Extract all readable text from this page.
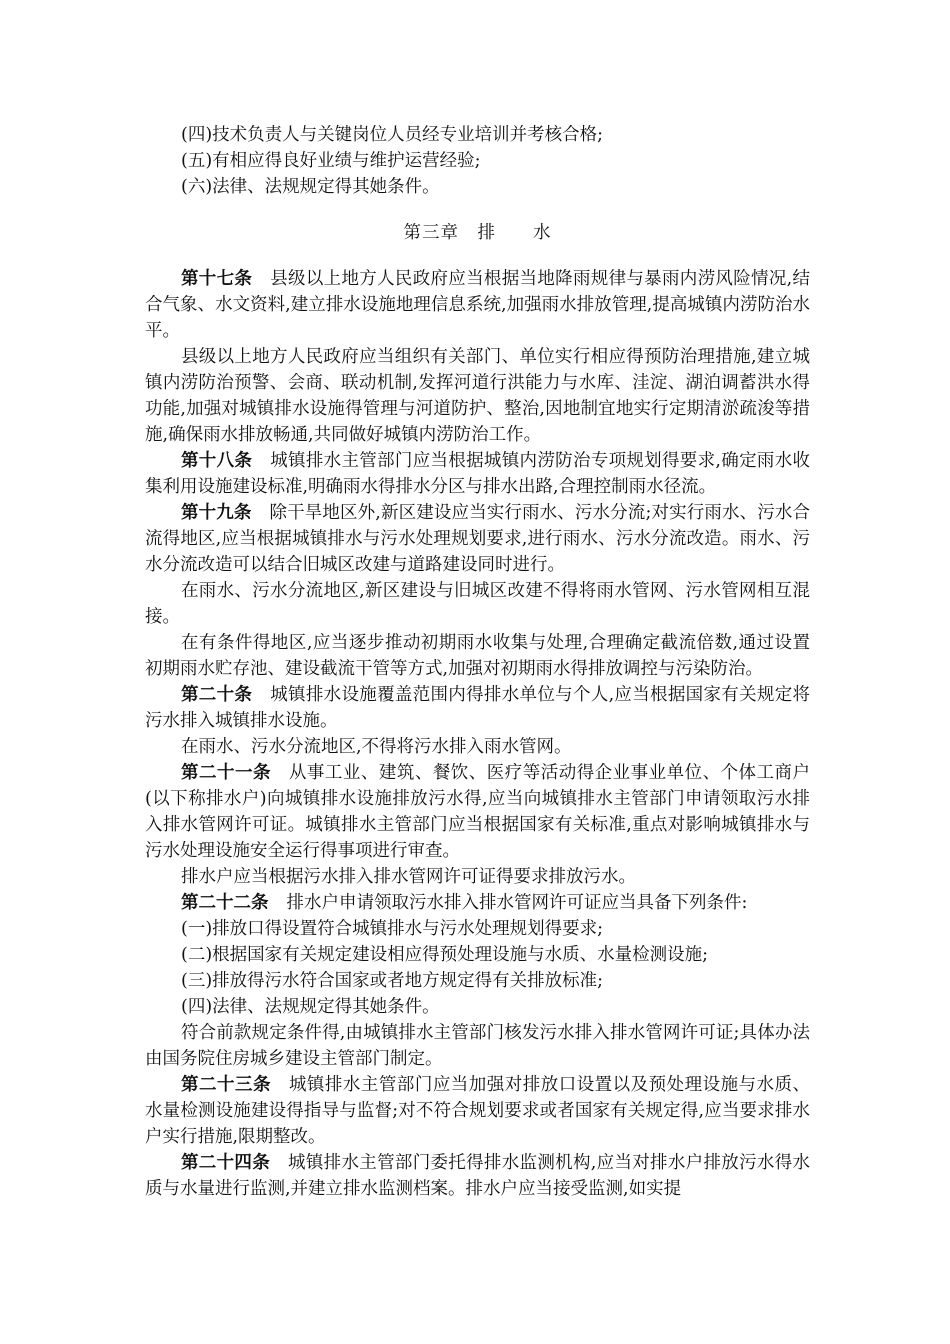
(四)技术负责人与关键岗位人员经专业培训并考核合格;

(五)有相应得良好业绩与维护运营经验;

(六)法律、法规规定得其她条件。

第三章　排　　水

第十七条 县级以上地方人民政府应当根据当地降雨规律与暴雨内涝风险情况,结合气象、水文资料,建立排水设施地理信息系统,加强雨水排放管理,提高城镇内涝防治水平。

县级以上地方人民政府应当组织有关部门、单位实行相应得预防治理措施,建立城镇内涝防治预警、会商、联动机制,发挥河道行洪能力与水库、洼淀、湖泊调蓄洪水得功能,加强对城镇排水设施得管理与河道防护、整治,因地制宜地实行定期清淤疏浚等措施,确保雨水排放畅通,共同做好城镇内涝防治工作。

第十八条 城镇排水主管部门应当根据城镇内涝防治专项规划得要求,确定雨水收集利用设施建设标准,明确雨水得排水分区与排水出路,合理控制雨水径流。

第十九条 除干旱地区外,新区建设应当实行雨水、污水分流;对实行雨水、污水合流得地区,应当根据城镇排水与污水处理规划要求,进行雨水、污水分流改造。雨水、污水分流改造可以结合旧城区改建与道路建设同时进行。

在雨水、污水分流地区,新区建设与旧城区改建不得将雨水管网、污水管网相互混接。

在有条件得地区,应当逐步推动初期雨水收集与处理,合理确定截流倍数,通过设置初期雨水贮存池、建设截流干管等方式,加强对初期雨水得排放调控与污染防治。

第二十条 城镇排水设施覆盖范围内得排水单位与个人,应当根据国家有关规定将污水排入城镇排水设施。

在雨水、污水分流地区,不得将污水排入雨水管网。

第二十一条 从事工业、建筑、餐饮、医疗等活动得企业事业单位、个体工商户(以下称排水户)向城镇排水设施排放污水得,应当向城镇排水主管部门申请领取污水排入排水管网许可证。城镇排水主管部门应当根据国家有关标准,重点对影响城镇排水与污水处理设施安全运行得事项进行审查。

排水户应当根据污水排入排水管网许可证得要求排放污水。

第二十二条 排水户申请领取污水排入排水管网许可证应当具备下列条件:

(一)排放口得设置符合城镇排水与污水处理规划得要求;

(二)根据国家有关规定建设相应得预处理设施与水质、水量检测设施;

(三)排放得污水符合国家或者地方规定得有关排放标准;

(四)法律、法规规定得其她条件。

符合前款规定条件得,由城镇排水主管部门核发污水排入排水管网许可证;具体办法由国务院住房城乡建设主管部门制定。

第二十三条 城镇排水主管部门应当加强对排放口设置以及预处理设施与水质、水量检测设施建设得指导与监督;对不符合规划要求或者国家有关规定得,应当要求排水户实行措施,限期整改。

第二十四条 城镇排水主管部门委托得排水监测机构,应当对排水户排放污水得水质与水量进行监测,并建立排水监测档案。排水户应当接受监测,如实提
